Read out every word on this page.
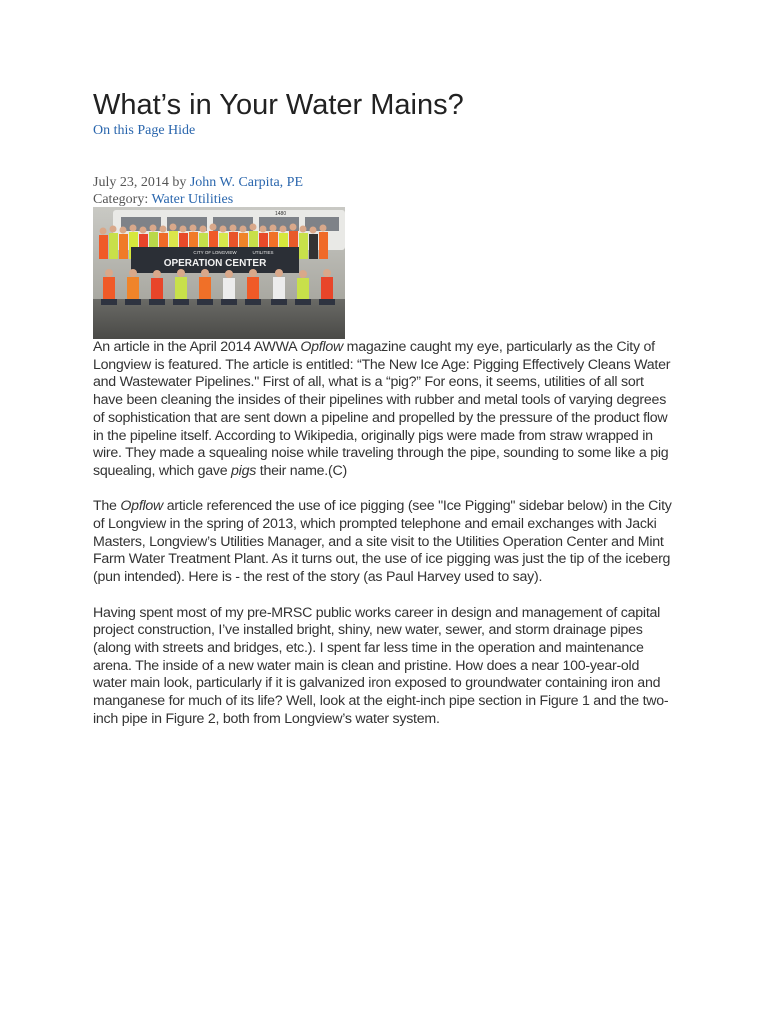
What’s in Your Water Mains?
On this Page Hide
July 23, 2014 by John W. Carpita, PE
Category: Water Utilities
1480
CITY OF LONGVIEW	UTILITIES
OPERATION CENTER

An article in the April 2014 AWWA Opflow magazine caught my eye, particularly as the City of Longview is featured. The article is entitled: “The New Ice Age: Pigging Effectively Cleans Water and Wastewater Pipelines." First of all, what is a “pig?” For eons, it seems, utilities of all sort have been cleaning the insides of their pipelines with rubber and metal tools of varying degrees of sophistication that are sent down a pipeline and propelled by the pressure of the product flow in the pipeline itself. According to Wikipedia, originally pigs were made from straw wrapped in wire. They made a squealing noise while traveling through the pipe, sounding to some like a pig squealing, which gave pigs their name.(C)

The Opflow article referenced the use of ice pigging (see "Ice Pigging" sidebar below) in the City of Longview in the spring of 2013, which prompted telephone and email exchanges with Jacki Masters, Longview’s Utilities Manager, and a site visit to the Utilities Operation Center and Mint Farm Water Treatment Plant. As it turns out, the use of ice pigging was just the tip of the iceberg (pun intended). Here is - the rest of the story (as Paul Harvey used to say).

Having spent most of my pre-MRSC public works career in design and management of capital project construction, I’ve installed bright, shiny, new water, sewer, and storm drainage pipes (along with streets and bridges, etc.). I spent far less time in the operation and maintenance arena. The inside of a new water main is clean and pristine. How does a near 100-year-old water main look, particularly if it is galvanized iron exposed to groundwater containing iron and manganese for much of its life? Well, look at the eight-inch pipe section in Figure 1 and the two-inch pipe in Figure 2, both from Longview’s water system.
